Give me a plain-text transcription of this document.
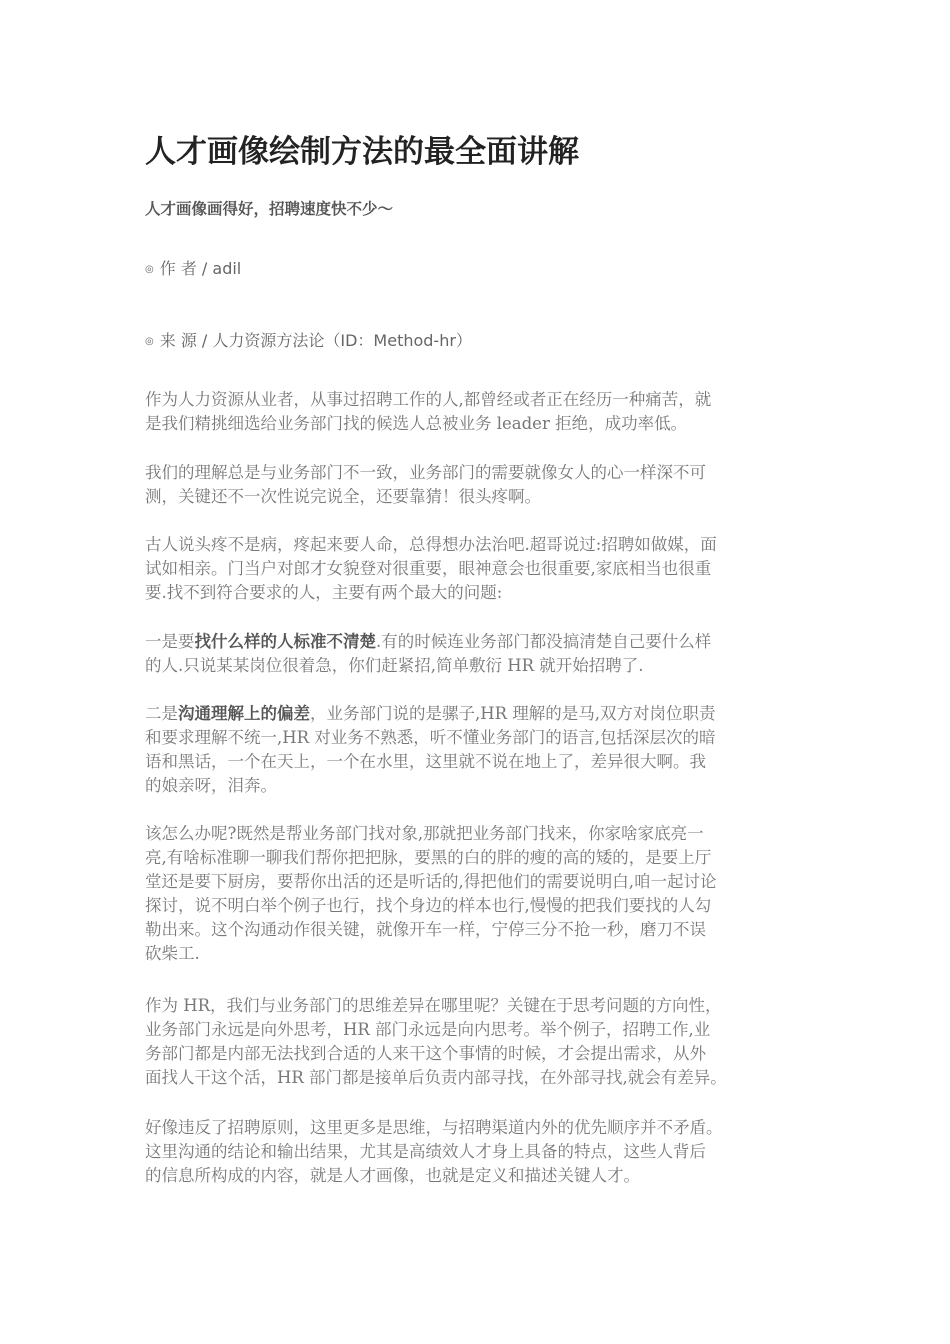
人才画像绘制方法的最全面讲解
人才画像画得好，招聘速度快不少～
◎ 作 者 / adil
◎ 来 源 / 人力资源方法论（ID：Method-hr）
作为人力资源从业者，从事过招聘工作的人,都曾经或者正在经历一种痛苦，就
是我们精挑细选给业务部门找的候选人总被业务 leader 拒绝，成功率低。
我们的理解总是与业务部门不一致，业务部门的需要就像女人的心一样深不可
测，关键还不一次性说完说全，还要靠猜！很头疼啊。
古人说头疼不是病，疼起来要人命，总得想办法治吧.超哥说过:招聘如做媒，面
试如相亲。门当户对郎才女貌登对很重要，眼神意会也很重要,家底相当也很重
要.找不到符合要求的人，主要有两个最大的问题:
一是要找什么样的人标准不清楚.有的时候连业务部门都没搞清楚自己要什么样
的人.只说某某岗位很着急，你们赶紧招,简单敷衍 HR 就开始招聘了.
二是沟通理解上的偏差，业务部门说的是骡子,HR 理解的是马,双方对岗位职责
和要求理解不统一,HR 对业务不熟悉，听不懂业务部门的语言,包括深层次的暗
语和黑话，一个在天上，一个在水里，这里就不说在地上了，差异很大啊。我
的娘亲呀，泪奔。
该怎么办呢?既然是帮业务部门找对象,那就把业务部门找来，你家啥家底亮一
亮,有啥标准聊一聊我们帮你把把脉，要黑的白的胖的瘦的高的矮的，是要上厅
堂还是要下厨房，要帮你出活的还是听话的,得把他们的需要说明白,咱一起讨论
探讨，说不明白举个例子也行，找个身边的样本也行,慢慢的把我们要找的人勾
勒出来。这个沟通动作很关键，就像开车一样，宁停三分不抢一秒，磨刀不误
砍柴工.
作为 HR，我们与业务部门的思维差异在哪里呢？关键在于思考问题的方向性，
业务部门永远是向外思考，HR 部门永远是向内思考。举个例子，招聘工作,业
务部门都是内部无法找到合适的人来干这个事情的时候，才会提出需求，从外
面找人干这个活，HR 部门都是接单后负责内部寻找，在外部寻找,就会有差异。
好像违反了招聘原则，这里更多是思维，与招聘渠道内外的优先顺序并不矛盾。
这里沟通的结论和输出结果，尤其是高绩效人才身上具备的特点，这些人背后
的信息所构成的内容，就是人才画像，也就是定义和描述关键人才。
